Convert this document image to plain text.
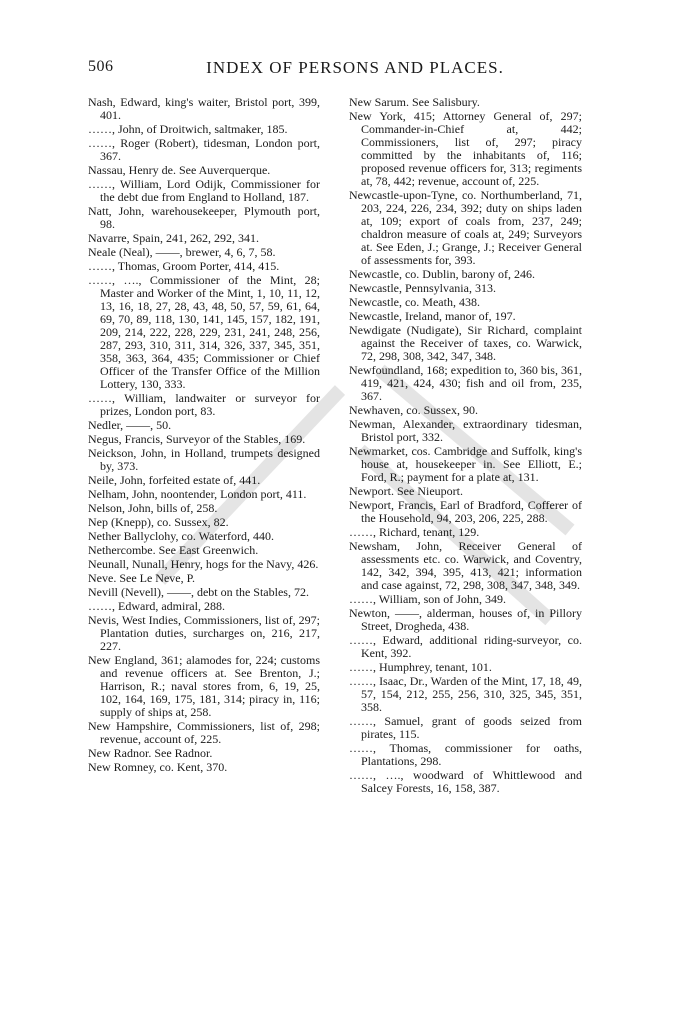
506	INDEX OF PERSONS AND PLACES.

Nash, Edward, king's waiter, Bristol port, 399, 401.

……, John, of Droitwich, saltmaker, 185.

……, Roger (Robert), tidesman, London port, 367.

Nassau, Henry de. See Auverquerque.

……, William, Lord Odijk, Commissioner for the debt due from England to Holland, 187.

Natt, John, warehousekeeper, Plymouth port, 98.

Navarre, Spain, 241, 262, 292, 341.

Neale (Neal), ——, brewer, 4, 6, 7, 58.

……, Thomas, Groom Porter, 414, 415.

……, …., Commissioner of the Mint, 28; Master and Worker of the Mint, 1, 10, 11, 12, 13, 16, 18, 27, 28, 43, 48, 50, 57, 59, 61, 64, 69, 70, 89, 118, 130, 141, 145, 157, 182, 191, 209, 214, 222, 228, 229, 231, 241, 248, 256, 287, 293, 310, 311, 314, 326, 337, 345, 351, 358, 363, 364, 435; Commissioner or Chief Officer of the Transfer Office of the Million Lottery, 130, 333.

……, William, landwaiter or surveyor for prizes, London port, 83.

Nedler, ——, 50.

Negus, Francis, Surveyor of the Stables, 169.

Neickson, John, in Holland, trumpets designed by, 373.

Neile, John, forfeited estate of, 441.

Nelham, John, noontender, London port, 411.

Nelson, John, bills of, 258.

Nep (Knepp), co. Sussex, 82.

Nether Ballyclohy, co. Waterford, 440.

Nethercombe. See East Greenwich.

Neunall, Nunall, Henry, hogs for the Navy, 426.

Neve. See Le Neve, P.

Nevill (Nevell), ——, debt on the Stables, 72.

……, Edward, admiral, 288.

Nevis, West Indies, Commissioners, list of, 297; Plantation duties, surcharges on, 216, 217, 227.

New England, 361; alamodes for, 224; customs and revenue officers at. See Brenton, J.; Harrison, R.; naval stores from, 6, 19, 25, 102, 164, 169, 175, 181, 314; piracy in, 116; supply of ships at, 258.

New Hampshire, Commissioners, list of, 298; revenue, account of, 225.

New Radnor. See Radnor.

New Romney, co. Kent, 370.

New Sarum. See Salisbury.

New York, 415; Attorney General of, 297; Commander-in-Chief at, 442; Commissioners, list of, 297; piracy committed by the inhabitants of, 116; proposed revenue officers for, 313; regiments at, 78, 442; revenue, account of, 225.

Newcastle-upon-Tyne, co. Northumberland, 71, 203, 224, 226, 234, 392; duty on ships laden at, 109; export of coals from, 237, 249; chaldron measure of coals at, 249; Surveyors at. See Eden, J.; Grange, J.; Receiver General of assessments for, 393.

Newcastle, co. Dublin, barony of, 246.

Newcastle, Pennsylvania, 313.

Newcastle, co. Meath, 438.

Newcastle, Ireland, manor of, 197.

Newdigate (Nudigate), Sir Richard, complaint against the Receiver of taxes, co. Warwick, 72, 298, 308, 342, 347, 348.

Newfoundland, 168; expedition to, 360 bis, 361, 419, 421, 424, 430; fish and oil from, 235, 367.

Newhaven, co. Sussex, 90.

Newman, Alexander, extraordinary tidesman, Bristol port, 332.

Newmarket, cos. Cambridge and Suffolk, king's house at, housekeeper in. See Elliott, E.; Ford, R.; payment for a plate at, 131.

Newport. See Nieuport.

Newport, Francis, Earl of Bradford, Cofferer of the Household, 94, 203, 206, 225, 288.

……, Richard, tenant, 129.

Newsham, John, Receiver General of assessments etc. co. Warwick, and Coventry, 142, 342, 394, 395, 413, 421; information and case against, 72, 298, 308, 347, 348, 349.

……, William, son of John, 349.

Newton, ——, alderman, houses of, in Pillory Street, Drogheda, 438.

……, Edward, additional riding-surveyor, co. Kent, 392.

……, Humphrey, tenant, 101.

……, Isaac, Dr., Warden of the Mint, 17, 18, 49, 57, 154, 212, 255, 256, 310, 325, 345, 351, 358.

……, Samuel, grant of goods seized from pirates, 115.

……, Thomas, commissioner for oaths, Plantations, 298.

……, …., woodward of Whittlewood and Salcey Forests, 16, 158, 387.
